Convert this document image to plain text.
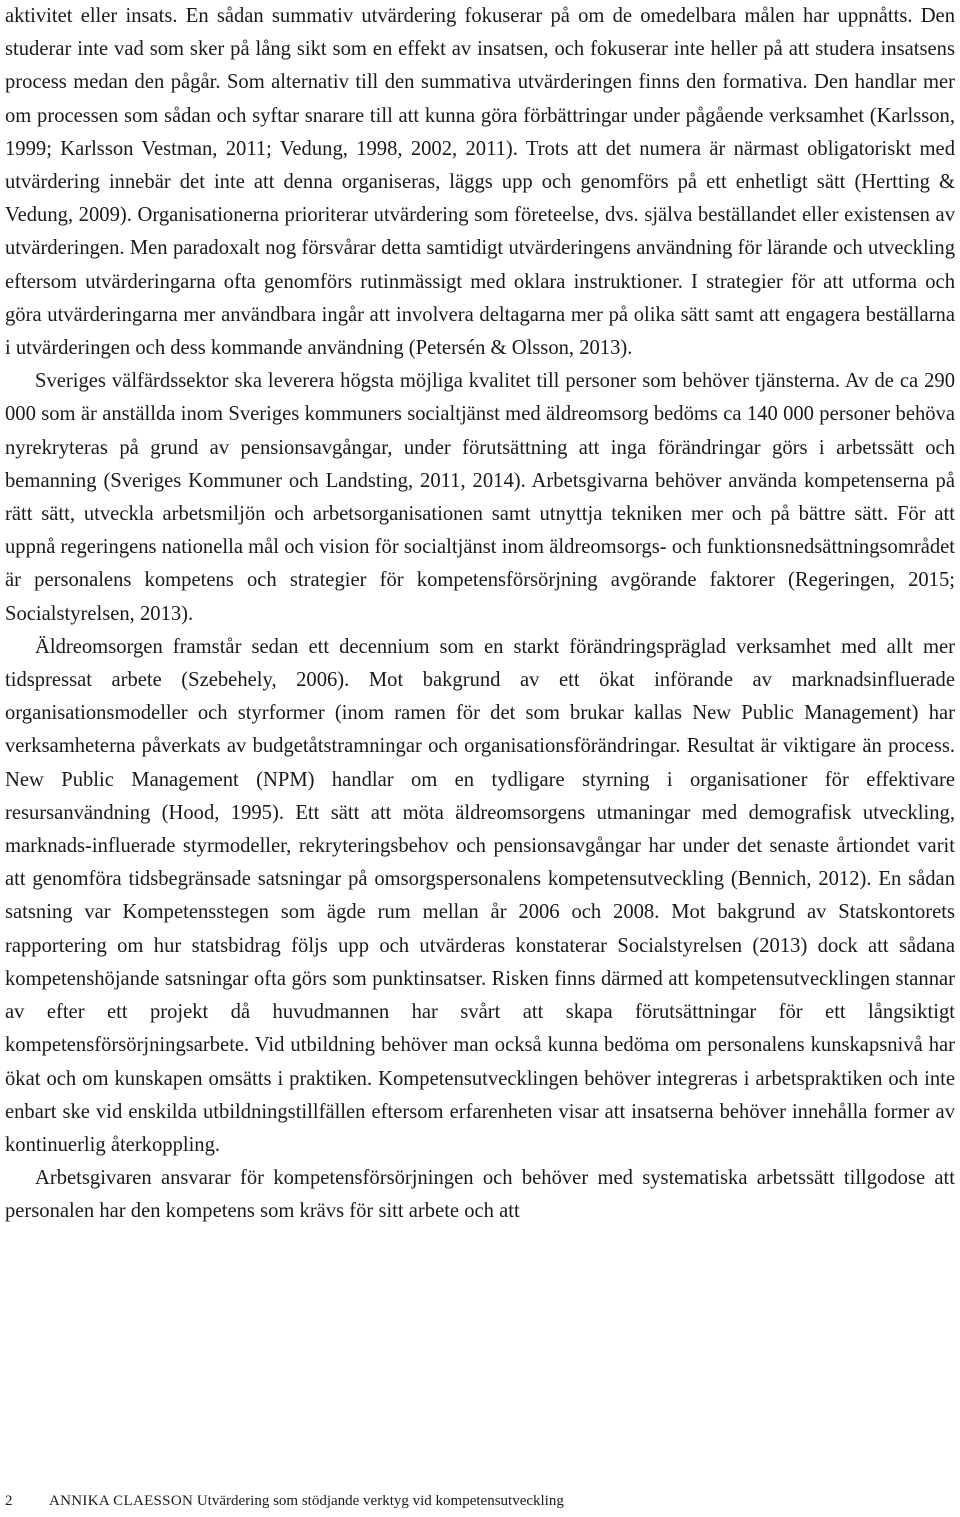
aktivitet eller insats. En sådan summativ utvärdering fokuserar på om de omedelbara målen har uppnåtts. Den studerar inte vad som sker på lång sikt som en effekt av insatsen, och fokuserar inte heller på att studera insatsens process medan den pågår. Som alternativ till den summativa utvärderingen finns den formativa. Den handlar mer om processen som sådan och syftar snarare till att kunna göra förbättringar under pågående verksamhet (Karlsson, 1999; Karlsson Vestman, 2011; Vedung, 1998, 2002, 2011). Trots att det numera är närmast obligatoriskt med utvärdering innebär det inte att denna organiseras, läggs upp och genomförs på ett enhetligt sätt (Hertting & Vedung, 2009). Organisationerna prioriterar utvärdering som företeelse, dvs. själva beställandet eller existensen av utvärderingen. Men paradoxalt nog försvårar detta samtidigt utvärderingens användning för lärande och utveckling eftersom utvärderingarna ofta genomförs rutinmässigt med oklara instruktioner. I strategier för att utforma och göra utvärderingarna mer användbara ingår att involvera deltagarna mer på olika sätt samt att engagera beställarna i utvärderingen och dess kommande användning (Petersén & Olsson, 2013).

Sveriges välfärdssektor ska leverera högsta möjliga kvalitet till personer som behöver tjänsterna. Av de ca 290 000 som är anställda inom Sveriges kommuners socialtjänst med äldreomsorg bedöms ca 140 000 personer behöva nyrekryteras på grund av pensionsavgångar, under förutsättning att inga förändringar görs i arbetssätt och bemanning (Sveriges Kommuner och Landsting, 2011, 2014). Arbetsgivarna behöver använda kompetenserna på rätt sätt, utveckla arbetsmiljön och arbetsorganisationen samt utnyttja tekniken mer och på bättre sätt. För att uppnå regeringens nationella mål och vision för socialtjänst inom äldreomsorgs- och funktionsnedsättningsområdet är personalens kompetens och strategier för kompetensförsörjning avgörande faktorer (Regeringen, 2015; Socialstyrelsen, 2013).

Äldreomsorgen framstår sedan ett decennium som en starkt förändringspräglad verksamhet med allt mer tidspressat arbete (Szebehely, 2006). Mot bakgrund av ett ökat införande av marknadsinfluerade organisationsmodeller och styrformer (inom ramen för det som brukar kallas New Public Management) har verksamheterna påverkats av budgetåtstramningar och organisationsförändringar. Resultat är viktigare än process. New Public Management (NPM) handlar om en tydligare styrning i organisationer för effektivare resursanvändning (Hood, 1995). Ett sätt att möta äldreomsorgens utmaningar med demografisk utveckling, marknads-influerade styrmodeller, rekryteringsbehov och pensionsavgångar har under det senaste årtiondet varit att genomföra tidsbegränsade satsningar på omsorgspersonalens kompetensutveckling (Bennich, 2012). En sådan satsning var Kompetensstegen som ägde rum mellan år 2006 och 2008. Mot bakgrund av Statskontorets rapportering om hur statsbidrag följs upp och utvärderas konstaterar Socialstyrelsen (2013) dock att sådana kompetenshöjande satsningar ofta görs som punktinsatser. Risken finns därmed att kompetensutvecklingen stannar av efter ett projekt då huvudmannen har svårt att skapa förutsättningar för ett långsiktigt kompetensförsörjningsarbete. Vid utbildning behöver man också kunna bedöma om personalens kunskapsnivå har ökat och om kunskapen omsätts i praktiken. Kompetensutvecklingen behöver integreras i arbetspraktiken och inte enbart ske vid enskilda utbildningstillfällen eftersom erfarenheten visar att insatserna behöver innehålla former av kontinuerlig återkoppling.

Arbetsgivaren ansvarar för kompetensförsörjningen och behöver med systematiska arbetssätt tillgodose att personalen har den kompetens som krävs för sitt arbete och att

2 ANNIKA CLAESSON Utvärdering som stödjande verktyg vid kompetensutveckling
